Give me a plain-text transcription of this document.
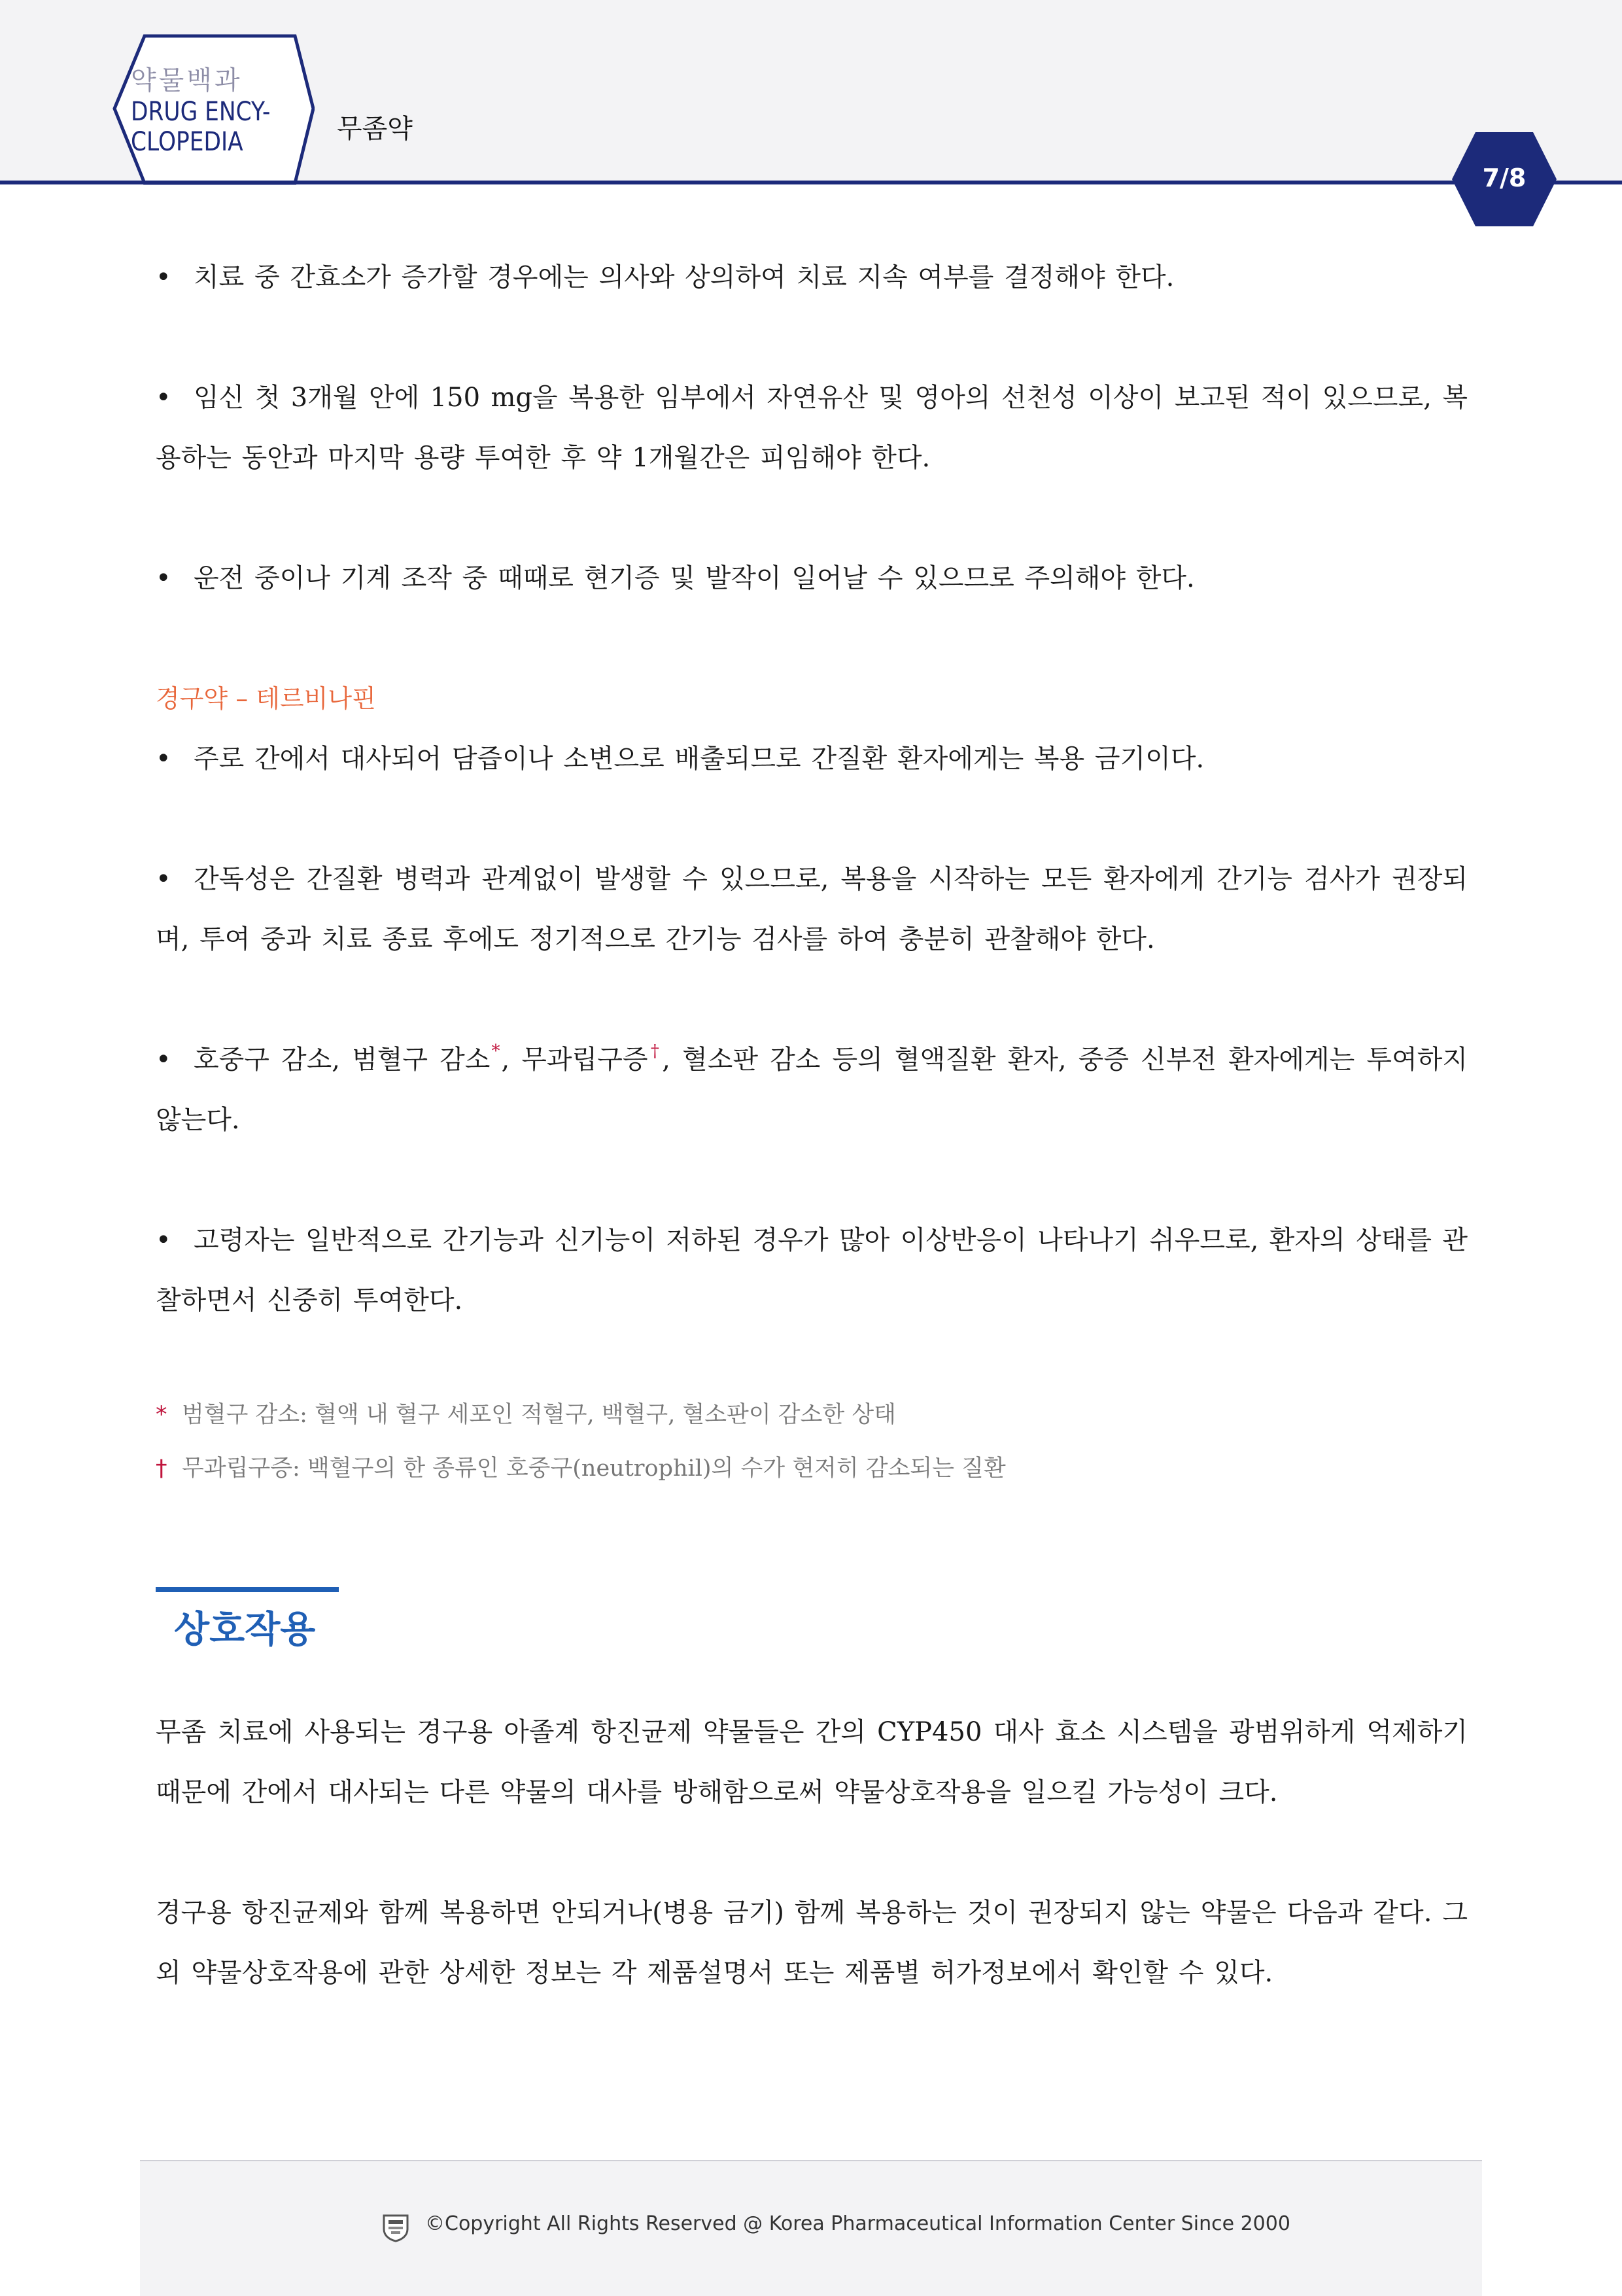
약물백과
DRUG ENCY-
CLOPEDIA	무좀약
7/8

• 치료 중 간효소가 증가할 경우에는 의사와 상의하여 치료 지속 여부를 결정해야 한다.

• 임신 첫 3개월 안에 150 mg을 복용한 임부에서 자연유산 및 영아의 선천성 이상이 보고된 적이 있으므로, 복용하는 동안과 마지막 용량 투여한 후 약 1개월간은 피임해야 한다.

• 운전 중이나 기계 조작 중 때때로 현기증 및 발작이 일어날 수 있으므로 주의해야 한다.

경구약 – 테르비나핀

• 주로 간에서 대사되어 담즙이나 소변으로 배출되므로 간질환 환자에게는 복용 금기이다.

• 간독성은 간질환 병력과 관계없이 발생할 수 있으므로, 복용을 시작하는 모든 환자에게 간기능 검사가 권장되며, 투여 중과 치료 종료 후에도 정기적으로 간기능 검사를 하여 충분히 관찰해야 한다.

• 호중구 감소, 범혈구 감소*, 무과립구증†, 혈소판 감소 등의 혈액질환 환자, 중증 신부전 환자에게는 투여하지 않는다.

• 고령자는 일반적으로 간기능과 신기능이 저하된 경우가 많아 이상반응이 나타나기 쉬우므로, 환자의 상태를 관찰하면서 신중히 투여한다.

* 범혈구 감소: 혈액 내 혈구 세포인 적혈구, 백혈구, 혈소판이 감소한 상태

† 무과립구증: 백혈구의 한 종류인 호중구(neutrophil)의 수가 현저히 감소되는 질환

상호작용

무좀 치료에 사용되는 경구용 아졸계 항진균제 약물들은 간의 CYP450 대사 효소 시스템을 광범위하게 억제하기 때문에 간에서 대사되는 다른 약물의 대사를 방해함으로써 약물상호작용을 일으킬 가능성이 크다.

경구용 항진균제와 함께 복용하면 안되거나(병용 금기) 함께 복용하는 것이 권장되지 않는 약물은 다음과 같다. 그 외 약물상호작용에 관한 상세한 정보는 각 제품설명서 또는 제품별 허가정보에서 확인할 수 있다.

©Copyright All Rights Reserved @ Korea Pharmaceutical Information Center Since 2000
